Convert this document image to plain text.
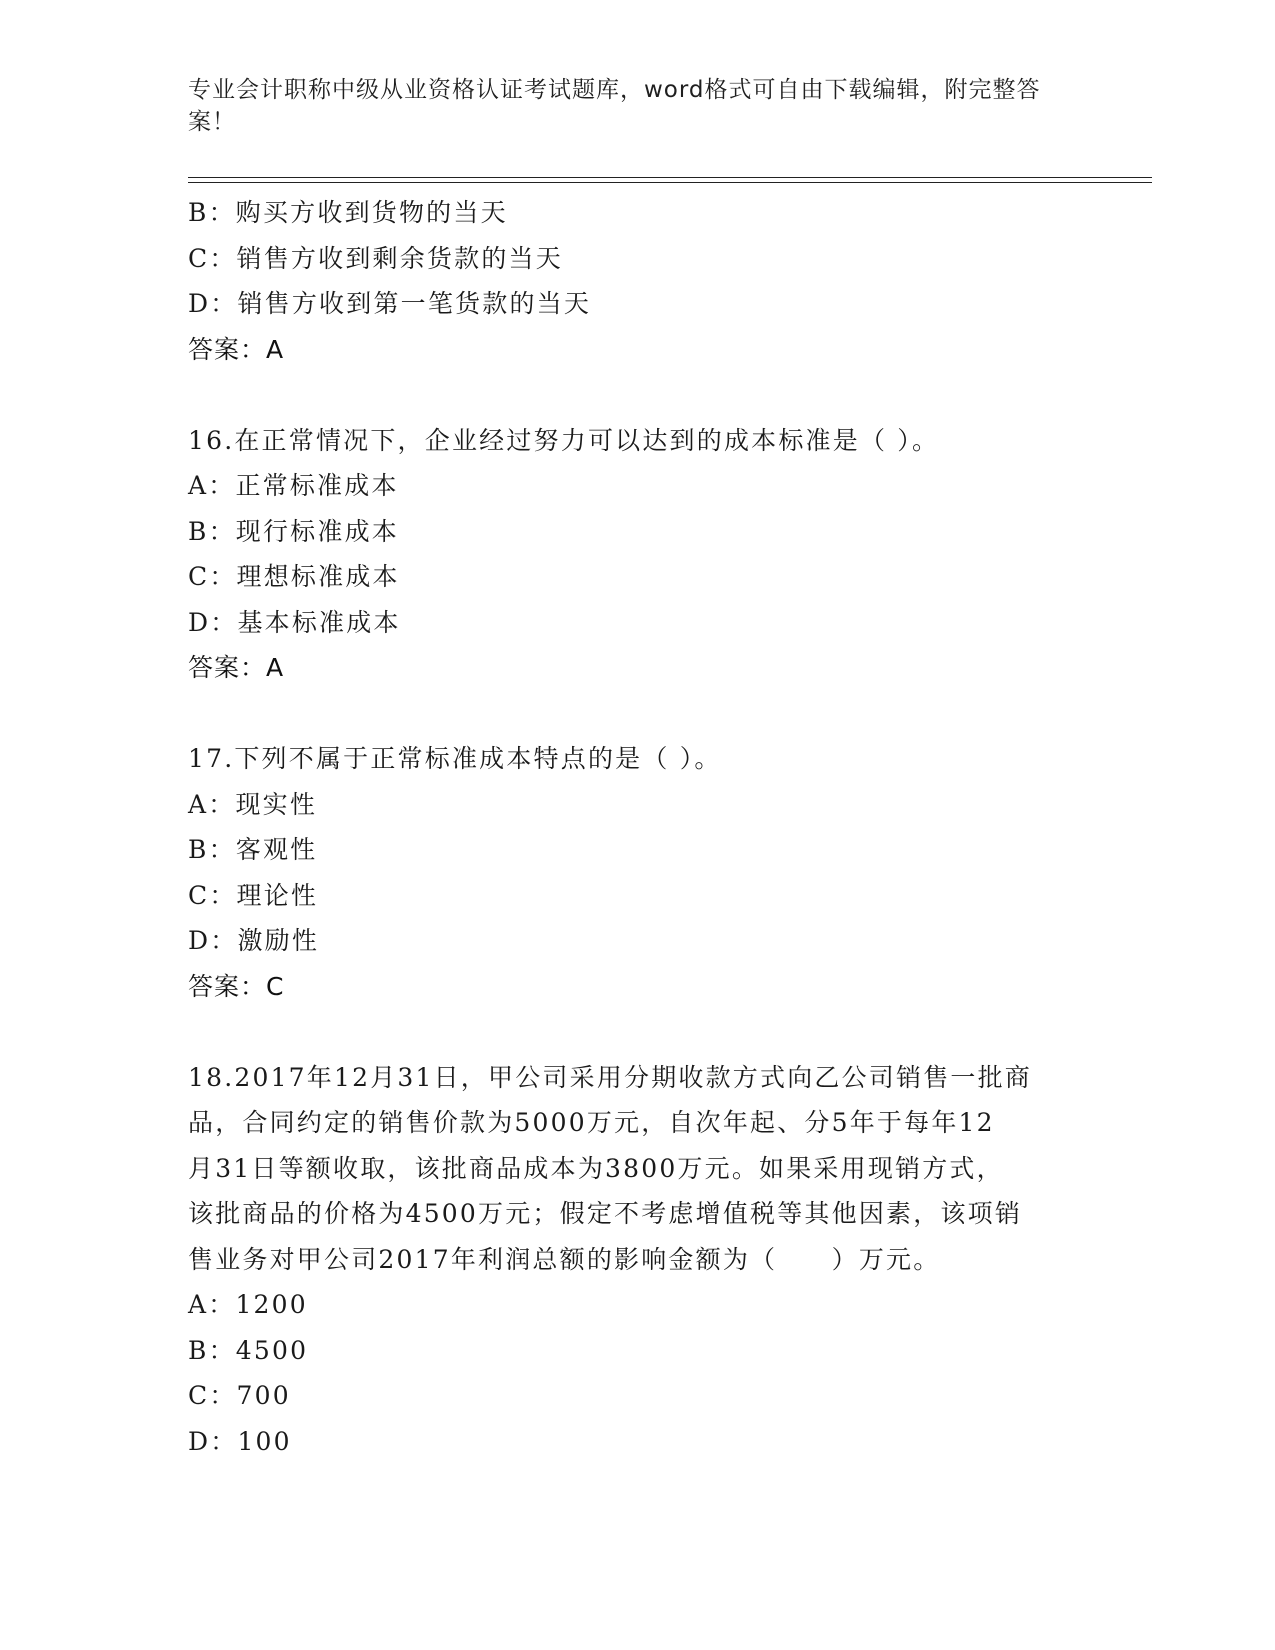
专业会计职称中级从业资格认证考试题库，word格式可自由下载编辑，附完整答案！
B：购买方收到货物的当天
C：销售方收到剩余货款的当天
D：销售方收到第一笔货款的当天
答案：A
16.在正常情况下，企业经过努力可以达到的成本标准是（ ）。
A：正常标准成本
B：现行标准成本
C：理想标准成本
D：基本标准成本
答案：A
17.下列不属于正常标准成本特点的是（ ）。
A：现实性
B：客观性
C：理论性
D：激励性
答案：C
18.2017年12月31日，甲公司采用分期收款方式向乙公司销售一批商
品，合同约定的销售价款为5000万元，自次年起、分5年于每年12
月31日等额收取，该批商品成本为3800万元。如果采用现销方式，
该批商品的价格为4500万元；假定不考虑增值税等其他因素，该项销
售业务对甲公司2017年利润总额的影响金额为（　　）万元。
A：1200
B：4500
C：700
D：100
